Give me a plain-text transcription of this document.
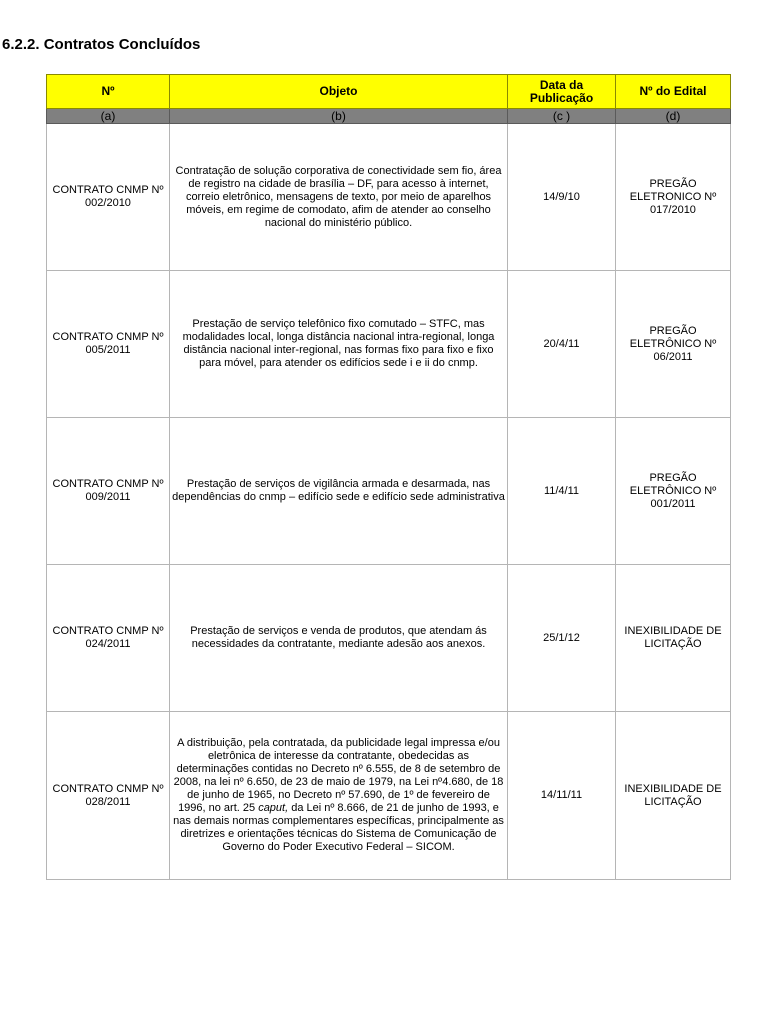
6.2.2. Contratos Concluídos
Nº	Objeto	Data da Publicação	Nº do Edital
(a)	(b)	(c )	(d)
CONTRATO CNMP Nº 002/2010	Contratação de solução corporativa de conectividade sem fio, área de registro na cidade de brasília – DF, para acesso à internet, correio eletrônico, mensagens de texto, por meio de aparelhos móveis, em regime de comodato, afim de atender ao conselho nacional do ministério público.	14/9/10	PREGÃO ELETRONICO Nº 017/2010
CONTRATO CNMP Nº 005/2011	Prestação de serviço telefônico fixo comutado – STFC, mas modalidades local, longa distância nacional intra-regional, longa distância nacional inter-regional, nas formas fixo para fixo e fixo para móvel, para atender os edifícios sede i e ii do cnmp.	20/4/11	PREGÃO ELETRÔNICO Nº 06/2011
CONTRATO CNMP Nº 009/2011	Prestação de serviços de vigilância armada e desarmada, nas dependências do cnmp – edifício sede e edifício sede administrativa	11/4/11	PREGÃO ELETRÔNICO Nº 001/2011
CONTRATO CNMP Nº 024/2011	Prestação de serviços e venda de produtos, que atendam ás necessidades da contratante, mediante adesão aos anexos.	25/1/12	INEXIBILIDADE DE LICITAÇÃO
CONTRATO CNMP Nº 028/2011	A distribuição, pela contratada, da publicidade legal impressa e/ou eletrônica de interesse da contratante, obedecidas as determinações contidas no Decreto nº 6.555, de 8 de setembro de 2008, na lei nº 6.650, de 23 de maio de 1979, na Lei nº4.680, de 18 de junho de 1965, no Decreto nº 57.690, de 1º de fevereiro de 1996, no art. 25 caput, da Lei nº 8.666, de 21 de junho de 1993, e nas demais normas complementares específicas, principalmente as diretrizes e orientações técnicas do Sistema de Comunicação de Governo do Poder Executivo Federal – SICOM.	14/11/11	INEXIBILIDADE DE LICITAÇÃO
